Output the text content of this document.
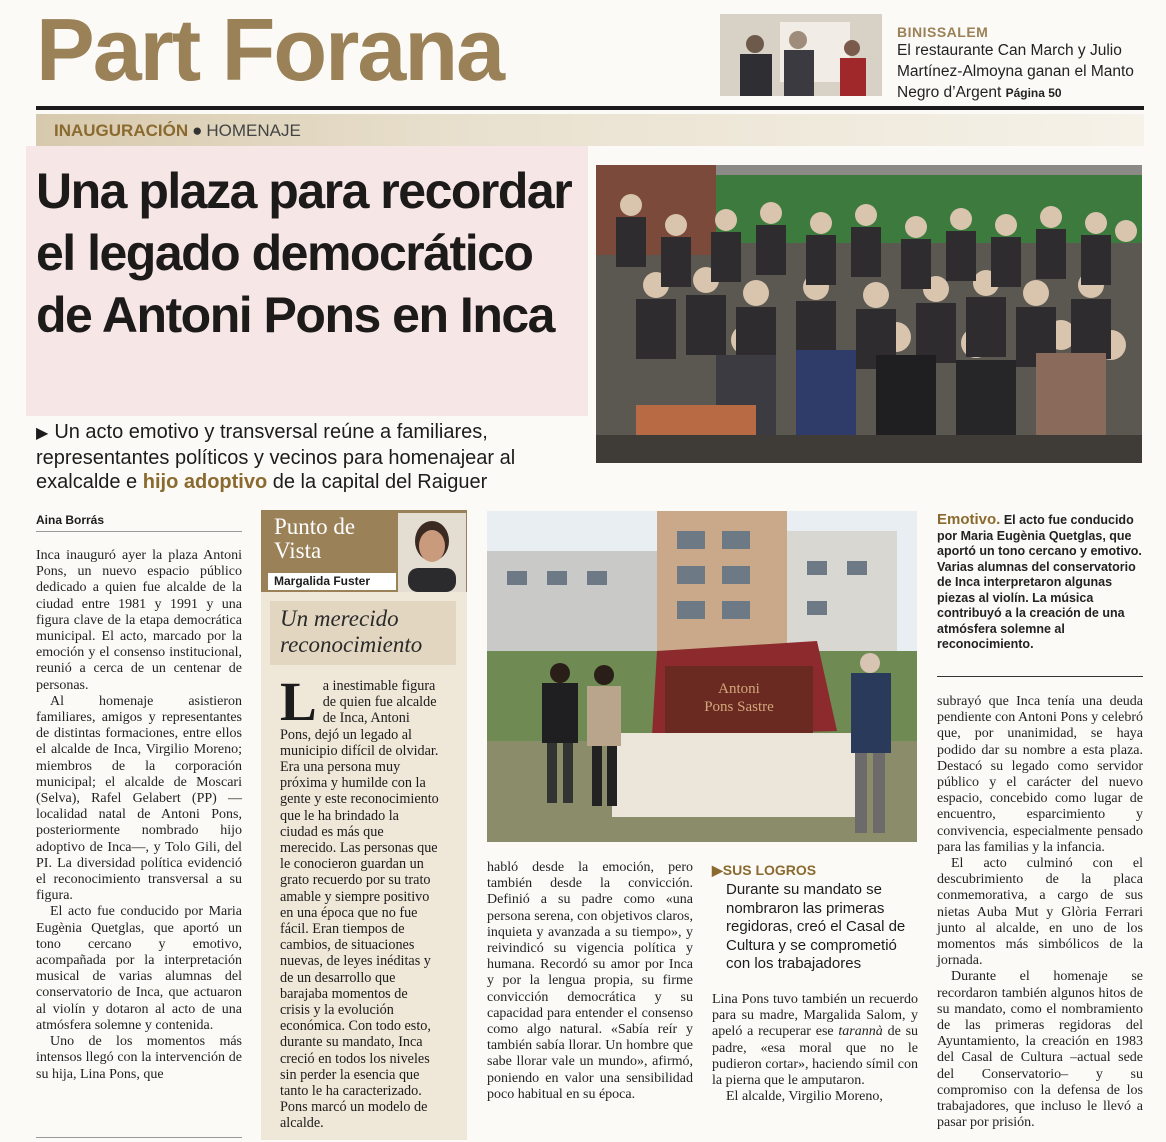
Part Forana	BINISSALEM
El restaurante Can March y Julio Martínez-Almoyna ganan el Manto Negro d’Argent Página 50
INAUGURACIÓN ● HOMENAJE
Una plaza para recordar el legado democrático de Antoni Pons en Inca
▶ Un acto emotivo y transversal reúne a familiares, representantes políticos y vecinos para homenajear al exalcalde e hijo adoptivo de la capital del Raiguer
Aina Borrás

Inca inauguró ayer la plaza Antoni Pons, un nuevo espacio público dedicado a quien fue alcalde de la ciudad entre 1981 y 1991 y una figura clave de la etapa democrática municipal. El acto, marcado por la emoción y el consenso institucional, reunió a cerca de un centenar de personas.

Al homenaje asistieron familiares, amigos y representantes de distintas formaciones, entre ellos el alcalde de Inca, Virgilio Moreno; miembros de la corporación municipal; el alcalde de Moscari (Selva), Rafel Gelabert (PP) —localidad natal de Antoni Pons, posteriormente nombrado hijo adoptivo de Inca—, y Tolo Gili, del PI. La diversidad política evidenció el reconocimiento transversal a su figura.

El acto fue conducido por Maria Eugènia Quetglas, que aportó un tono cercano y emotivo, acompañada por la interpretación musical de varias alumnas del conservatorio de Inca, que actuaron al violín y dotaron al acto de una atmósfera solemne y contenida.

Uno de los momentos más intensos llegó con la intervención de su hija, Lina Pons, que

Punto de Vista
Margalida Fuster
Un merecido reconocimiento
La inestimable figura de quien fue alcalde de Inca, Antoni Pons, dejó un legado al municipio difícil de olvidar. Era una persona muy próxima y humilde con la gente y este reconocimiento que le ha brindado la ciudad es más que merecido. Las personas que le conocieron guardan un grato recuerdo por su trato amable y siempre positivo en una época que no fue fácil. Eran tiempos de cambios, de situaciones nuevas, de leyes inéditas y de un desarrollo que barajaba momentos de crisis y la evolución económica. Con todo esto, durante su mandato, Inca creció en todos los niveles sin perder la esencia que tanto le ha caracterizado. Pons marcó un modelo de alcalde.
Antoni
Pons Sastre
Emotivo. El acto fue conducido por Maria Eugènia Quetglas, que aportó un tono cercano y emotivo. Varias alumnas del conservatorio de Inca interpretaron algunas piezas al violín. La música contribuyó a la creación de una atmósfera solemne al reconocimiento.

habló desde la emoción, pero también desde la convicción. Definió a su padre como «una persona serena, con objetivos claros, inquieta y avanzada a su tiempo», y reivindicó su vigencia política y humana. Recordó su amor por Inca y por la lengua propia, su firme convicción democrática y su capacidad para entender el consenso como algo natural. «Sabía reír y también sabía llorar. Un hombre que sabe llorar vale un mundo», afirmó, poniendo en valor una sensibilidad poco habitual en su época.

▶SUS LOGROS
Durante su mandato se nombraron las primeras regidoras, creó el Casal de Cultura y se comprometió con los trabajadores

Lina Pons tuvo también un recuerdo para su madre, Margalida Salom, y apeló a recuperar ese tarannà de su padre, «esa moral que no le pudieron cortar», haciendo símil con la pierna que le amputaron.

El alcalde, Virgilio Moreno,

subrayó que Inca tenía una deuda pendiente con Antoni Pons y celebró que, por unanimidad, se haya podido dar su nombre a esta plaza. Destacó su legado como servidor público y el carácter del nuevo espacio, concebido como lugar de encuentro, esparcimiento y convivencia, especialmente pensado para las familias y la infancia.

El acto culminó con el descubrimiento de la placa conmemorativa, a cargo de sus nietas Auba Mut y Glòria Ferrari junto al alcalde, en uno de los momentos más simbólicos de la jornada.

Durante el homenaje se recordaron también algunos hitos de su mandato, como el nombramiento de las primeras regidoras del Ayuntamiento, la creación en 1983 del Casal de Cultura –actual sede del Conservatorio– y su compromiso con la defensa de los trabajadores, que incluso le llevó a pasar por prisión.
